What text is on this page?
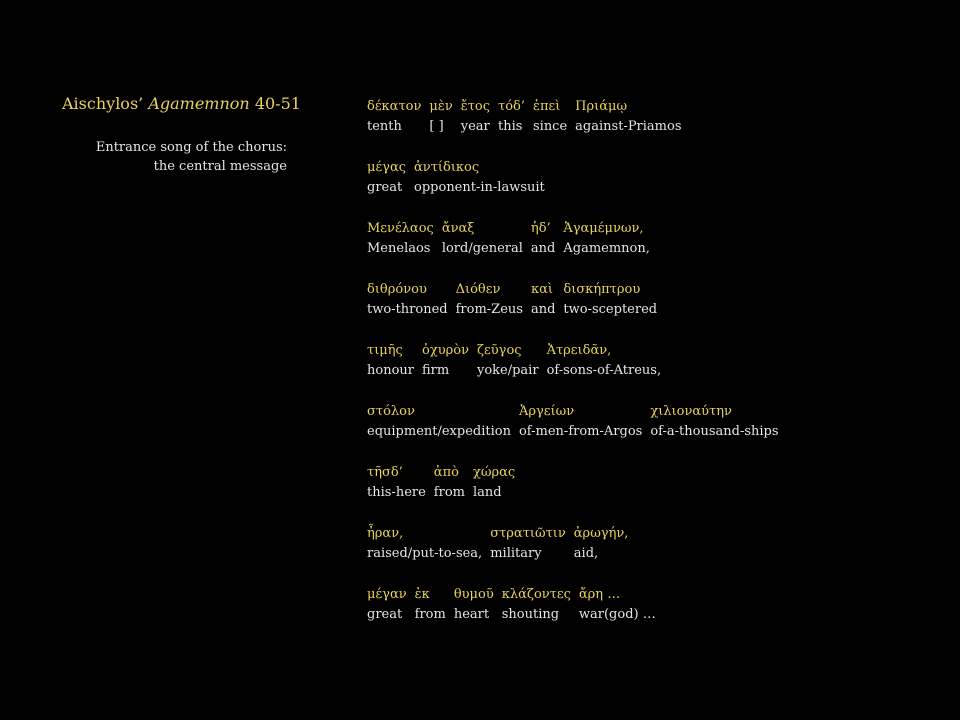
Aischylos’ Agamemnon 40-51
Entrance song of the chorus:
the central message
δέκατον
tenth
μὲν
[ ]
ἔτος
year
τόδ’
this
ἐπεὶ
since
Πριάμῳ
against-Priamos
μέγας
great
ἀντίδικος
opponent-in-lawsuit
Μενέλαος
Menelaos
ἄναξ
lord/general
ἠδ’
and
Ἀγαμέμνων,
Agamemnon,
διθρόνου
two-throned
Διόθεν
from-Zeus
καὶ
and
δισκήπτρου
two-sceptered
τιμῆς
honour
ὀχυρὸν
firm
ζεῦγος
yoke/pair
Ἀτρειδᾶν,
of-sons-of-Atreus,
στόλον
equipment/expedition
Ἀργείων
of-men-from-Argos
χιλιοναύτην
of-a-thousand-ships
τῆσδ’
this-here
ἀπὸ
from
χώρας
land
ἦραν,
raised/put-to-sea,
στρατιῶτιν
military
ἀρωγήν,
aid,
μέγαν
great
ἐκ
from
θυμοῦ
heart
κλάζοντες
shouting
ἄρη …
war(god) …
